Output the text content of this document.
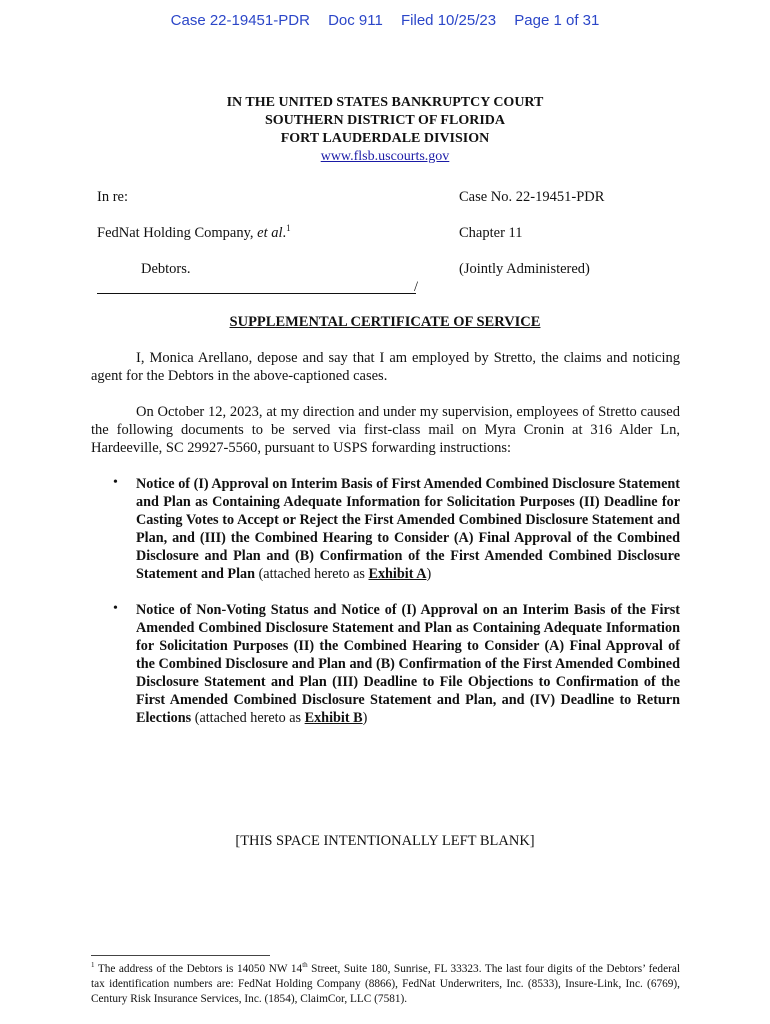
Case 22-19451-PDR Doc 911 Filed 10/25/23 Page 1 of 31
IN THE UNITED STATES BANKRUPTCY COURT
SOUTHERN DISTRICT OF FLORIDA
FORT LAUDERDALE DIVISION
www.flsb.uscourts.gov
In re:
FedNat Holding Company, et al.$^1$
Debtors.
/
Case No. 22-19451-PDR
Chapter 11
(Jointly Administered)
SUPPLEMENTAL CERTIFICATE OF SERVICE
I, Monica Arellano, depose and say that I am employed by Stretto, the claims and noticing agent for the Debtors in the above-captioned cases.
On October 12, 2023, at my direction and under my supervision, employees of Stretto caused the following documents to be served via first-class mail on Myra Cronin at 316 Alder Ln, Hardeeville, SC 29927-5560, pursuant to USPS forwarding instructions:
• Notice of (I) Approval on Interim Basis of First Amended Combined Disclosure Statement and Plan as Containing Adequate Information for Solicitation Purposes (II) Deadline for Casting Votes to Accept or Reject the First Amended Combined Disclosure Statement and Plan, and (III) the Combined Hearing to Consider (A) Final Approval of the Combined Disclosure and Plan and (B) Confirmation of the First Amended Combined Disclosure Statement and Plan (attached hereto as Exhibit A)
• Notice of Non-Voting Status and Notice of (I) Approval on an Interim Basis of the First Amended Combined Disclosure Statement and Plan as Containing Adequate Information for Solicitation Purposes (II) the Combined Hearing to Consider (A) Final Approval of the Combined Disclosure and Plan and (B) Confirmation of the First Amended Combined Disclosure Statement and Plan (III) Deadline to File Objections to Confirmation of the First Amended Combined Disclosure Statement and Plan, and (IV) Deadline to Return Elections (attached hereto as Exhibit B)
[THIS SPACE INTENTIONALLY LEFT BLANK]
$^1$ The address of the Debtors is 14050 NW 14th Street, Suite 180, Sunrise, FL 33323. The last four digits of the Debtors’ federal tax identification numbers are: FedNat Holding Company (8866), FedNat Underwriters, Inc. (8533), Insure-Link, Inc. (6769), Century Risk Insurance Services, Inc. (1854), ClaimCor, LLC (7581).
